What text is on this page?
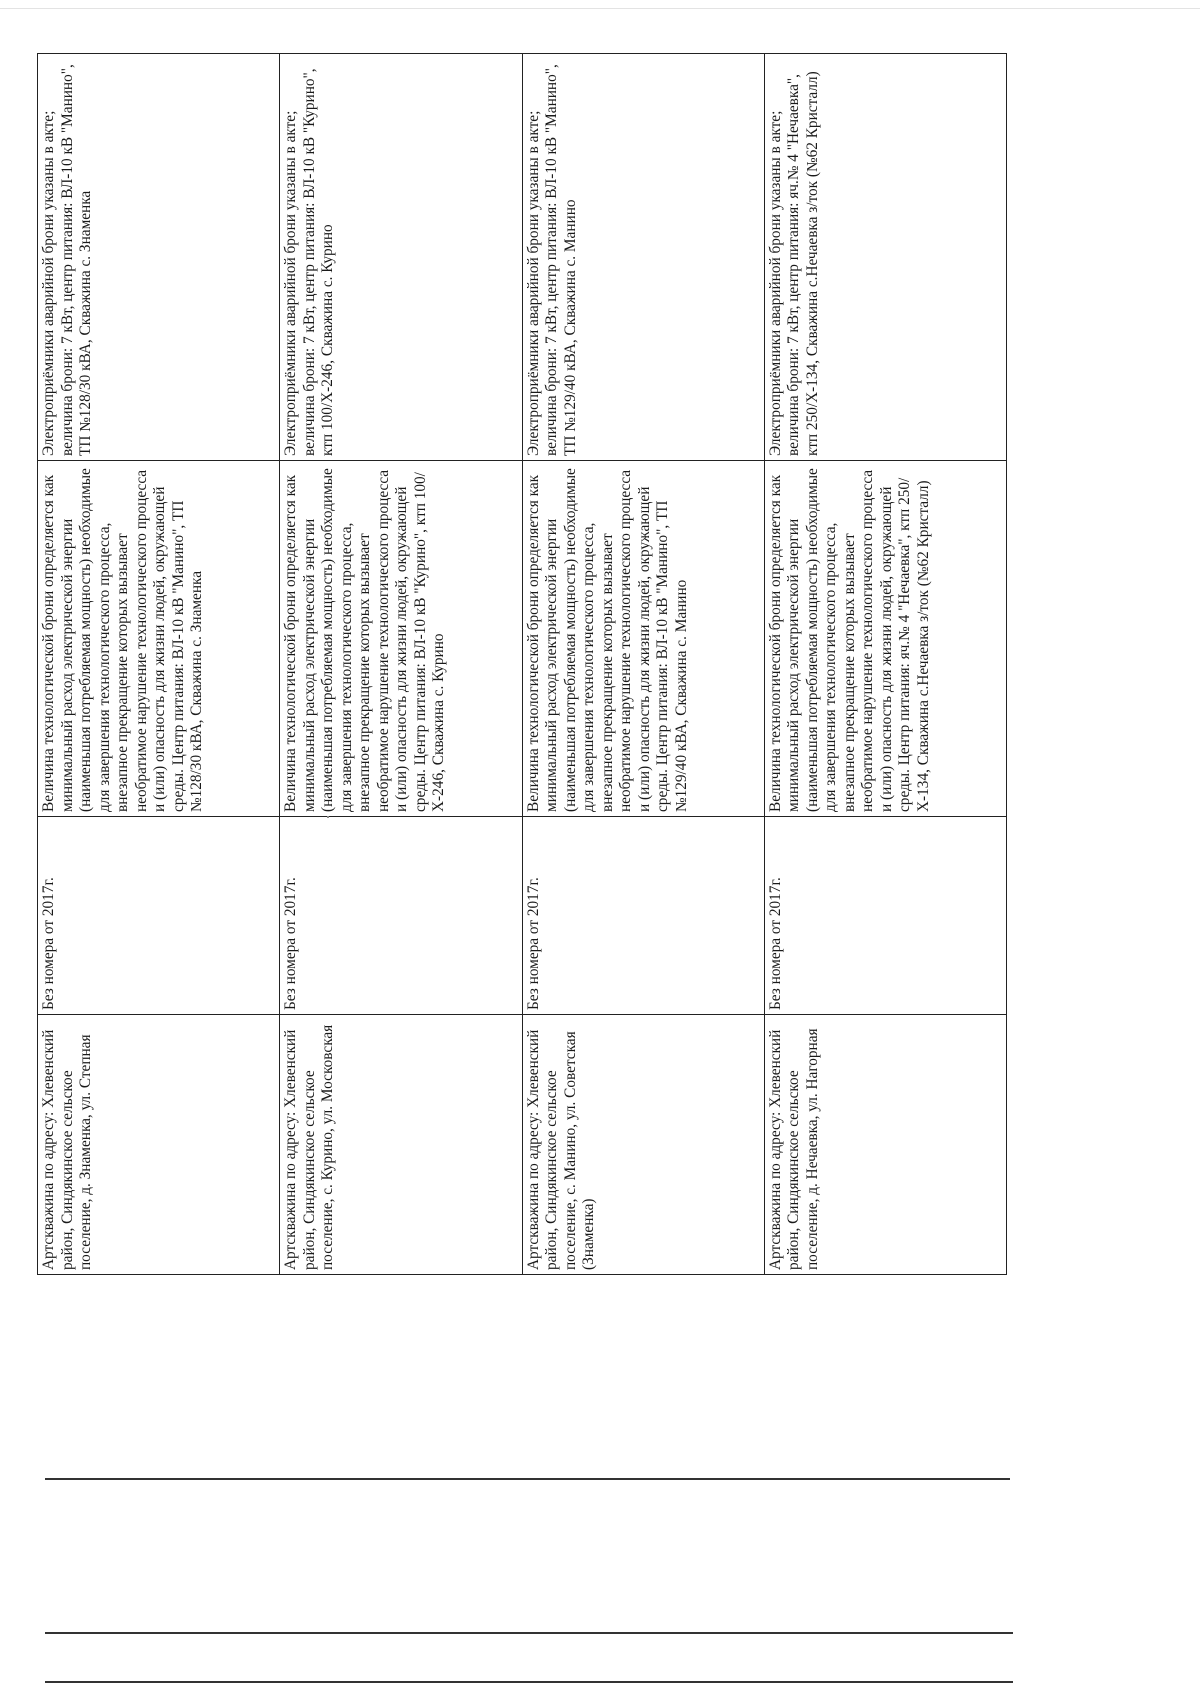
Артскважина по адресу: Хлевенский район, Синдякинское сельское поселение, д. Знаменка, ул. Степная	Без номера от 2017г.	Величина технологической брони определяется как минимальный расход электрической энергии (наименьшая потребляемая мощность) необходимые для завершения технологического процесса, внезапное прекращение которых вызывает необратимое нарушение технологического процесса и (или) опасность для жизни людей, окружающей среды. Центр питания: ВЛ-10 кВ "Манино", ТП №128/30 кВА, Скважина с. Знаменка	Электроприёмники аварийной брони указаны в акте; величина брони: 7 кВт, центр питания: ВЛ-10 кВ "Манино", ТП №128/30 кВА, Скважина с. Знаменка
Артскважина по адресу: Хлевенский район, Синдякинское сельское поселение, с. Курино, ул. Московская	Без номера от 2017г.	Величина технологической брони определяется как минимальный расход электрической энергии (наименьшая потребляемая мощность) необходимые для завершения технологического процесса, внезапное прекращение которых вызывает необратимое нарушение технологического процесса и (или) опасность для жизни людей, окружающей среды. Центр питания: ВЛ-10 кВ "Курино", ктп 100/Х-246, Скважина с. Курино	Электроприёмники аварийной брони указаны в акте; величина брони: 7 кВт, центр питания: ВЛ-10 кВ "Курино", ктп 100/Х-246, Скважина с. Курино
Артскважина по адресу: Хлевенский район, Синдякинское сельское поселение, с. Манино, ул. Советская (Знаменка)	Без номера от 2017г.	Величина технологической брони определяется как минимальный расход электрической энергии (наименьшая потребляемая мощность) необходимые для завершения технологического процесса, внезапное прекращение которых вызывает необратимое нарушение технологического процесса и (или) опасность для жизни людей, окружающей среды. Центр питания: ВЛ-10 кВ "Манино", ТП №129/40 кВА, Скважина с. Манино	Электроприёмники аварийной брони указаны в акте; величина брони: 7 кВт, центр питания: ВЛ-10 кВ "Манино", ТП №129/40 кВА, Скважина с. Манино
Артскважина по адресу: Хлевенский район, Синдякинское сельское поселение, д. Нечаевка, ул. Нагорная	Без номера от 2017г.	Величина технологической брони определяется как минимальный расход электрической энергии (наименьшая потребляемая мощность) необходимые для завершения технологического процесса, внезапное прекращение которых вызывает необратимое нарушение технологического процесса и (или) опасность для жизни людей, окружающей среды. Центр питания: яч.№ 4 "Нечаевка", ктп 250/Х-134, Скважина с.Нечаевка з/ток (№62 Кристалл)	Электроприёмники аварийной брони указаны в акте; величина брони: 7 кВт, центр питания: яч.№ 4 "Нечаевка", ктп 250/Х-134, Скважина с.Нечаевка з/ток (№62 Кристалл)
